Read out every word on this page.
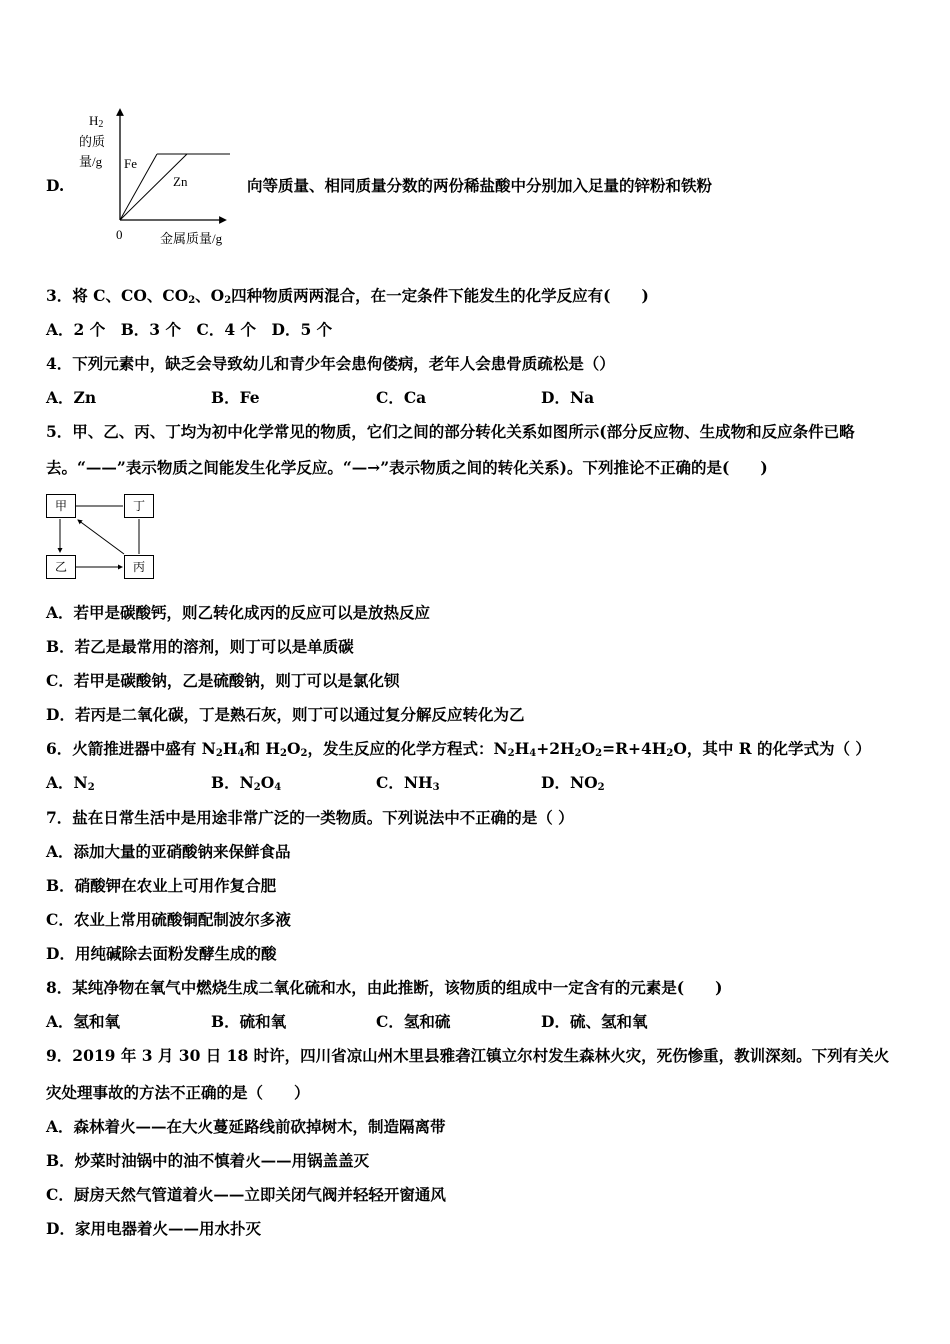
D.
$H_2$
的质
量/g Fe
Zn
0	金属质量/g
向等质量、相同质量分数的两份稀盐酸中分别加入足量的锌粉和铁粉
3．将 C、CO、$CO_2$、$O_2$四种物质两两混合，在一定条件下能发生的化学反应有(　　)
A．2 个　B．3 个　C．4 个　D．5 个
4．下列元素中，缺乏会导致幼儿和青少年会患佝偻病，老年人会患骨质疏松是（）
A．Zn	B．Fe	C．Ca	D．Na
5．甲、乙、丙、丁均为初中化学常见的物质，它们之间的部分转化关系如图所示(部分反应物、生成物和反应条件已略
去。“——”表示物质之间能发生化学反应。“—→”表示物质之间的转化关系)。下列推论不正确的是(　　)
甲	丁
乙	丙
A．若甲是碳酸钙，则乙转化成丙的反应可以是放热反应
B．若乙是最常用的溶剂，则丁可以是单质碳
C．若甲是碳酸钠，乙是硫酸钠，则丁可以是氯化钡
D．若丙是二氧化碳，丁是熟石灰，则丁可以通过复分解反应转化为乙
6．火箭推进器中盛有 $N_2H_4$和 $H_2O_2$，发生反应的化学方程式：$N_2H_4+2H_2O_2=R+4H_2O$，其中 R 的化学式为（ ）
A．$N_2$	B．$N_2O_4$	C．$NH_3$	D．$NO_2$
7．盐在日常生活中是用途非常广泛的一类物质。下列说法中不正确的是（ ）
A．添加大量的亚硝酸钠来保鲜食品
B．硝酸钾在农业上可用作复合肥
C．农业上常用硫酸铜配制波尔多液
D．用纯碱除去面粉发酵生成的酸
8．某纯净物在氧气中燃烧生成二氧化硫和水，由此推断，该物质的组成中一定含有的元素是(　　)
A．氢和氧	B．硫和氧	C．氢和硫	D．硫、氢和氧
9．2019 年 3 月 30 日 18 时许，四川省凉山州木里县雅砻江镇立尔村发生森林火灾，死伤惨重，教训深刻。下列有关火
灾处理事故的方法不正确的是（　　）
A．森林着火——在大火蔓延路线前砍掉树木，制造隔离带
B．炒菜时油锅中的油不慎着火——用锅盖盖灭
C．厨房天然气管道着火——立即关闭气阀并轻轻开窗通风
D．家用电器着火——用水扑灭
